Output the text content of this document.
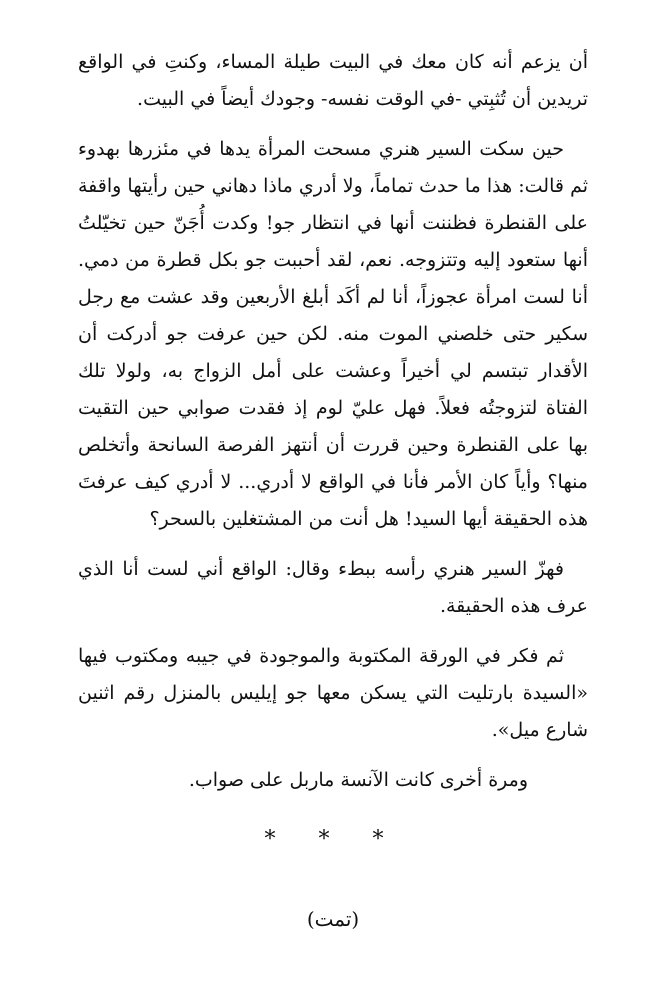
أن يزعم أنه كان معك في البيت طيلة المساء، وكنتِ في الواقع تريدين أن تُثبِتي -في الوقت نفسه- وجودك أيضاً في البيت.

حين سكت السير هنري مسحت المرأة يدها في مئزرها بهدوء ثم قالت: هذا ما حدث تماماً، ولا أدري ماذا دهاني حين رأيتها واقفة على القنطرة فظننت أنها في انتظار جو! وكدت أُجَنّ حين تخيّلتُ أنها ستعود إليه وتتزوجه. نعم، لقد أحببت جو بكل قطرة من دمي. أنا لست امرأة عجوزاً، أنا لم أكَد أبلغ الأربعين وقد عشت مع رجل سكير حتى خلصني الموت منه. لكن حين عرفت جو أدركت أن الأقدار تبتسم لي أخيراً وعشت على أمل الزواج به، ولولا تلك الفتاة لتزوجتُه فعلاً. فهل عليّ لوم إذ فقدت صوابي حين التقيت بها على القنطرة وحين قررت أن أنتهز الفرصة السانحة وأتخلص منها؟ وأياً كان الأمر فأنا في الواقع لا أدري... لا أدري كيف عرفتَ هذه الحقيقة أيها السيد! هل أنت من المشتغلين بالسحر؟

فهزّ السير هنري رأسه ببطء وقال: الواقع أني لست أنا الذي عرف هذه الحقيقة.

ثم فكر في الورقة المكتوبة والموجودة في جيبه ومكتوب فيها «السيدة بارتليت التي يسكن معها جو إيليس بالمنزل رقم اثنين شارع ميل».

ومرة أخرى كانت الآنسة ماربل على صواب.

* * *
(تمت)
